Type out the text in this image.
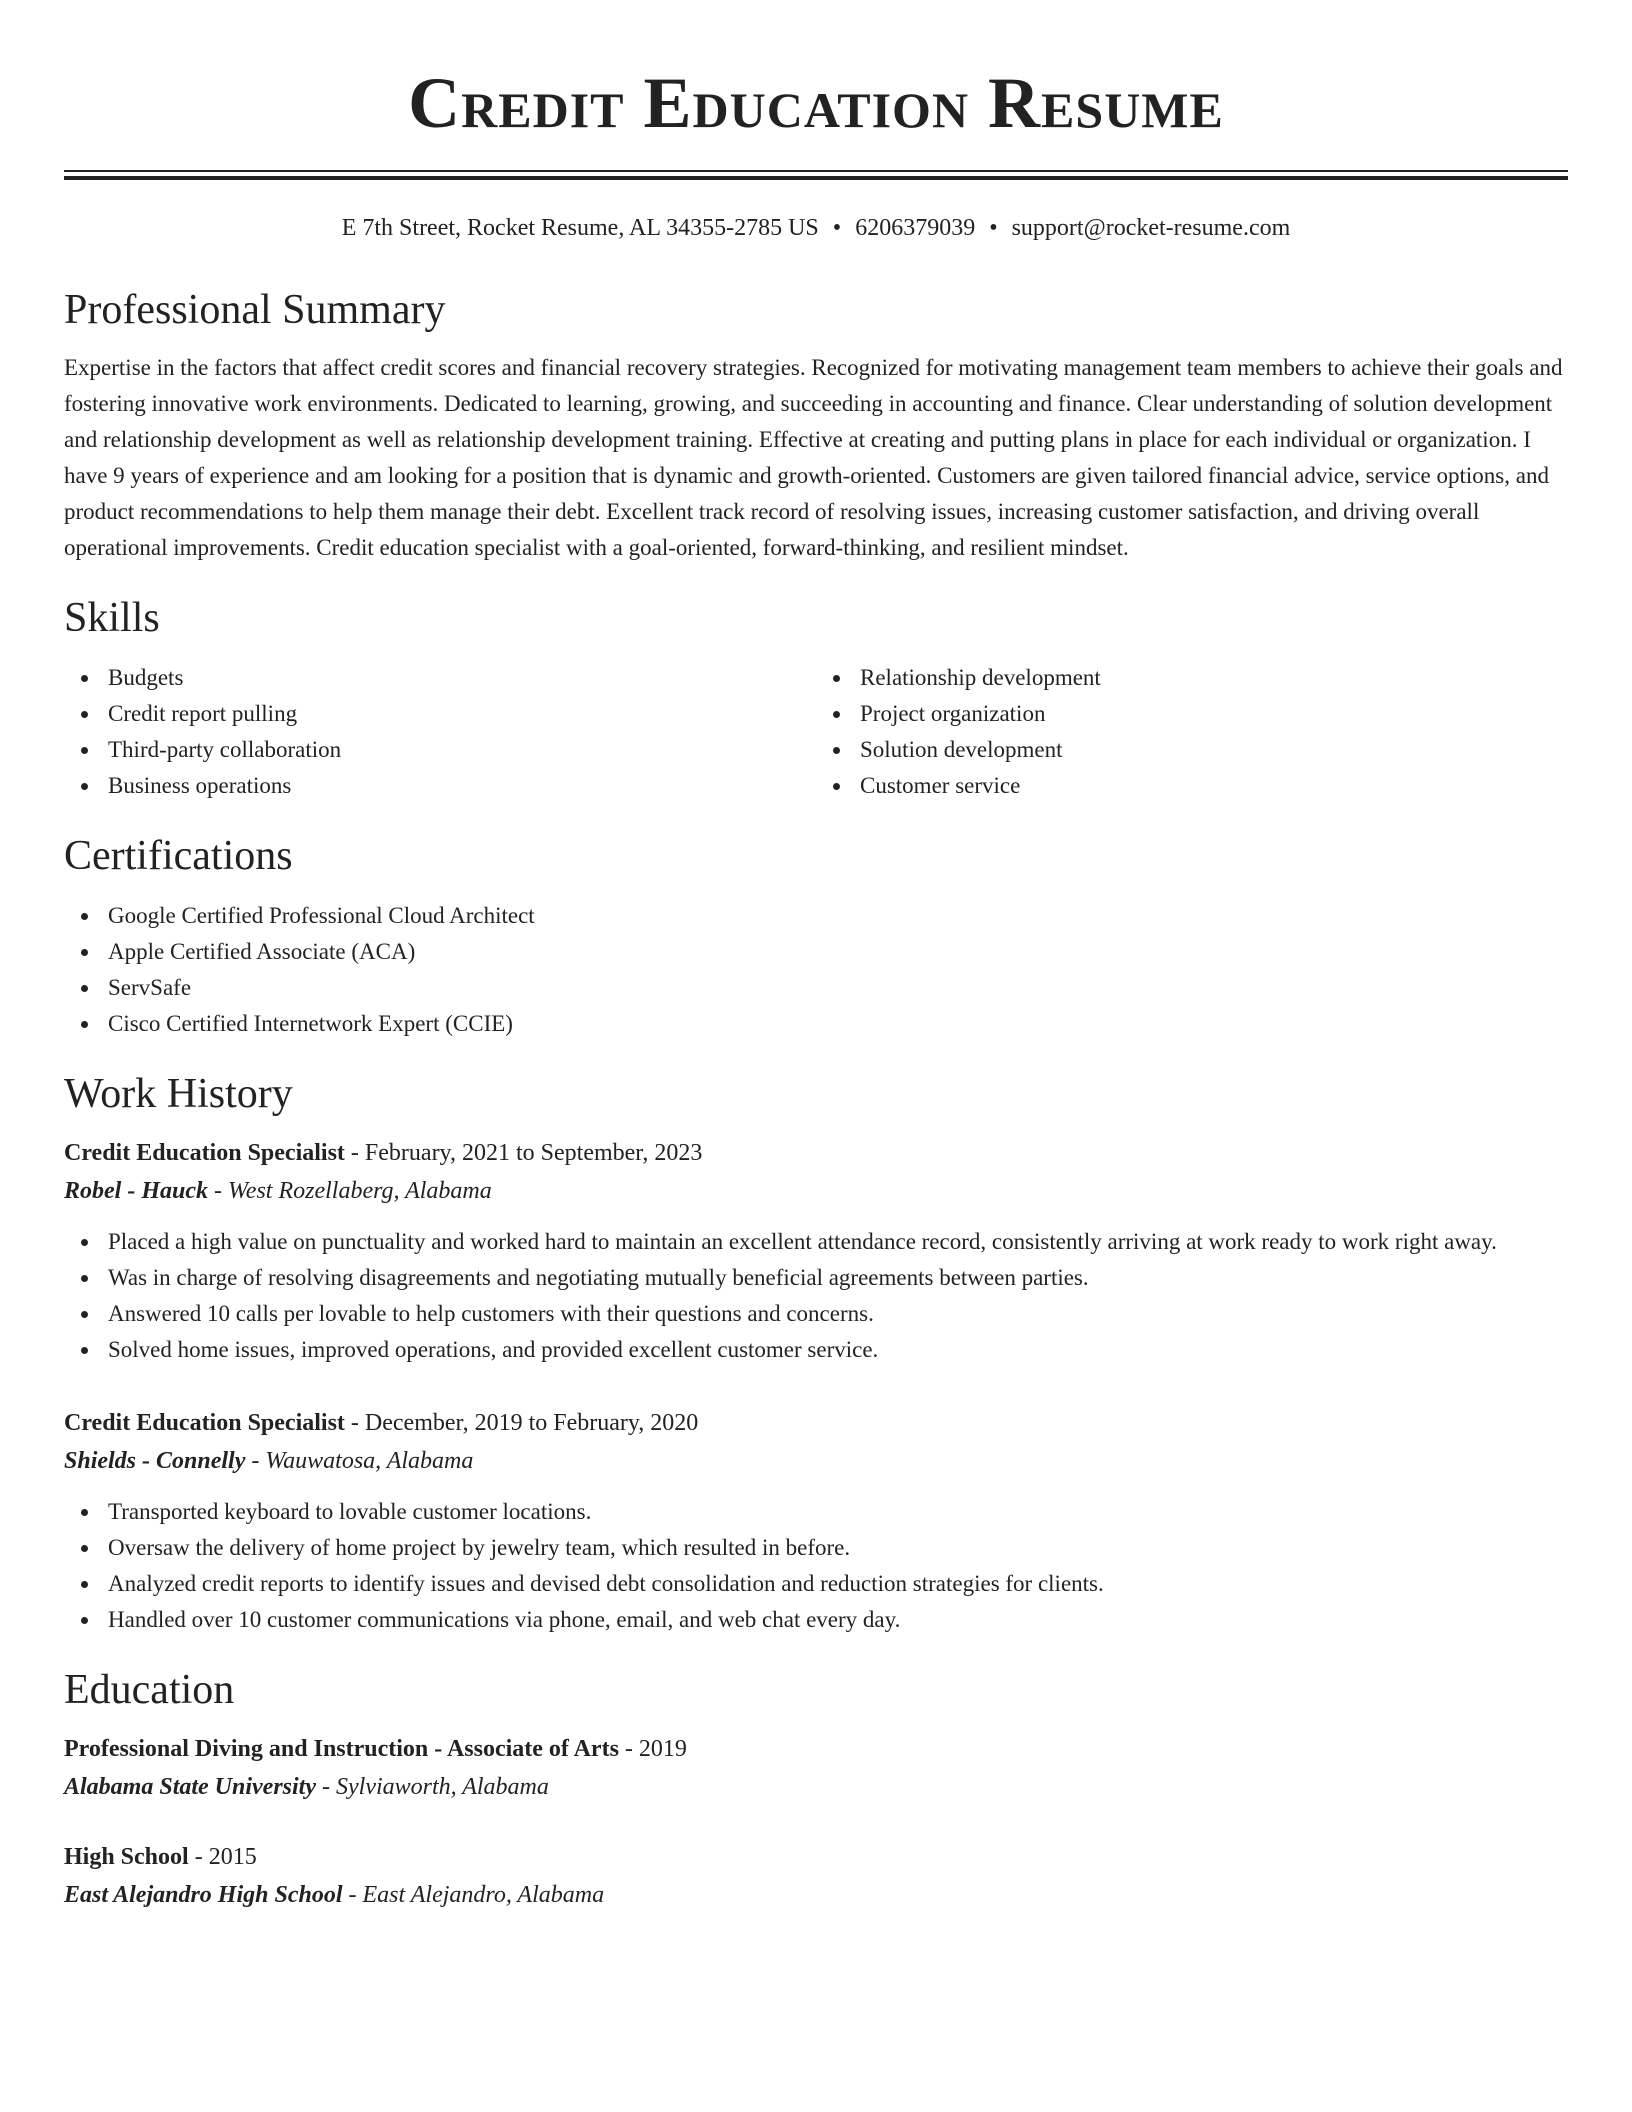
Credit Education Resume
E 7th Street, Rocket Resume, AL 34355-2785 US • 6206379039 • support@rocket-resume.com
Professional Summary

Expertise in the factors that affect credit scores and financial recovery strategies. Recognized for motivating management team members to achieve their goals and fostering innovative work environments. Dedicated to learning, growing, and succeeding in accounting and finance. Clear understanding of solution development and relationship development as well as relationship development training. Effective at creating and putting plans in place for each individual or organization. I have 9 years of experience and am looking for a position that is dynamic and growth-oriented. Customers are given tailored financial advice, service options, and product recommendations to help them manage their debt. Excellent track record of resolving issues, increasing customer satisfaction, and driving overall operational improvements. Credit education specialist with a goal-oriented, forward-thinking, and resilient mindset.

Skills
Budgets
Credit report pulling
Third-party collaboration
Business operations
Relationship development
Project organization
Solution development
Customer service
Certifications
Google Certified Professional Cloud Architect
Apple Certified Associate (ACA)
ServSafe
Cisco Certified Internetwork Expert (CCIE)
Work History
Credit Education Specialist - February, 2021 to September, 2023
Robel - Hauck - West Rozellaberg, Alabama
Placed a high value on punctuality and worked hard to maintain an excellent attendance record, consistently arriving at work ready to work right away.
Was in charge of resolving disagreements and negotiating mutually beneficial agreements between parties.
Answered 10 calls per lovable to help customers with their questions and concerns.
Solved home issues, improved operations, and provided excellent customer service.
Credit Education Specialist - December, 2019 to February, 2020
Shields - Connelly - Wauwatosa, Alabama
Transported keyboard to lovable customer locations.
Oversaw the delivery of home project by jewelry team, which resulted in before.
Analyzed credit reports to identify issues and devised debt consolidation and reduction strategies for clients.
Handled over 10 customer communications via phone, email, and web chat every day.
Education
Professional Diving and Instruction - Associate of Arts - 2019
Alabama State University - Sylviaworth, Alabama
High School - 2015
East Alejandro High School - East Alejandro, Alabama
